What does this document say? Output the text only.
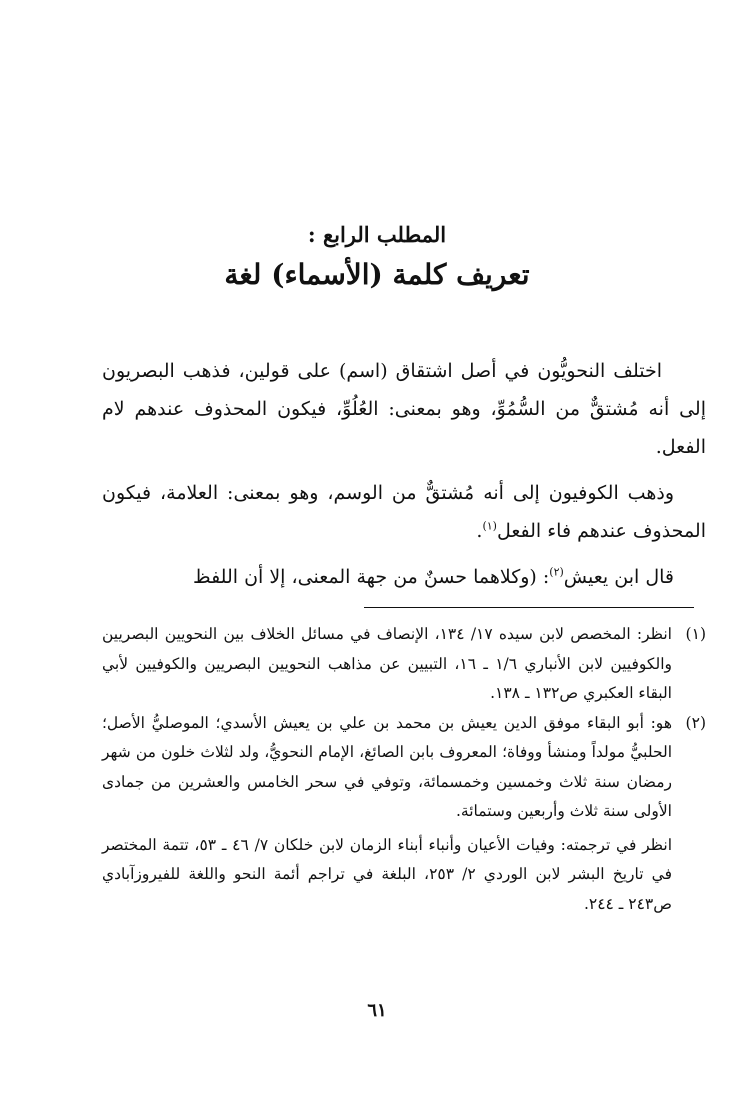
المطلب الرابع :
تعريف كلمة (الأسماء) لغة

اختلف النحويُّون في أصل اشتقاق (اسم) على قولين، فذهب البصريون إلى أنه مُشتقٌّ من السُّمُوِّ، وهو بمعنى: العُلُوِّ، فيكون المحذوف عندهم لام الفعل.

وذهب الكوفيون إلى أنه مُشتقٌّ من الوسم، وهو بمعنى: العلامة، فيكون المحذوف عندهم فاء الفعل$^{(١)}$.

قال ابن يعيش$^{(٢)}$: (وكلاهما حسنٌ من جهة المعنى، إلا أن اللفظ

(١)
انظر: المخصص لابن سيده ١٧/ ١٣٤، الإنصاف في مسائل الخلاف بين النحويين البصريين والكوفيين لابن الأنباري ١/٦ ـ ١٦، التبيين عن مذاهب النحويين البصريين والكوفيين لأبي البقاء العكبري ص١٣٢ ـ ١٣٨.
(٢)
هو: أبو البقاء موفق الدين يعيش بن محمد بن علي بن يعيش الأسدي؛ الموصليُّ الأصل؛ الحلبيُّ مولداً ومنشأ ووفاة؛ المعروف بابن الصائغ، الإمام النحويُّ، ولد لثلاث خلون من شهر رمضان سنة ثلاث وخمسين وخمسمائة، وتوفي في سحر الخامس والعشرين من جمادى الأولى سنة ثلاث وأربعين وستمائة.
انظر في ترجمته: وفيات الأعيان وأنباء أبناء الزمان لابن خلكان ٧/ ٤٦ ـ ٥٣، تتمة المختصر في تاريخ البشر لابن الوردي ٢/ ٢٥٣، البلغة في تراجم أئمة النحو واللغة للفيروزآبادي ص٢٤٣ ـ ٢٤٤.
٦١
